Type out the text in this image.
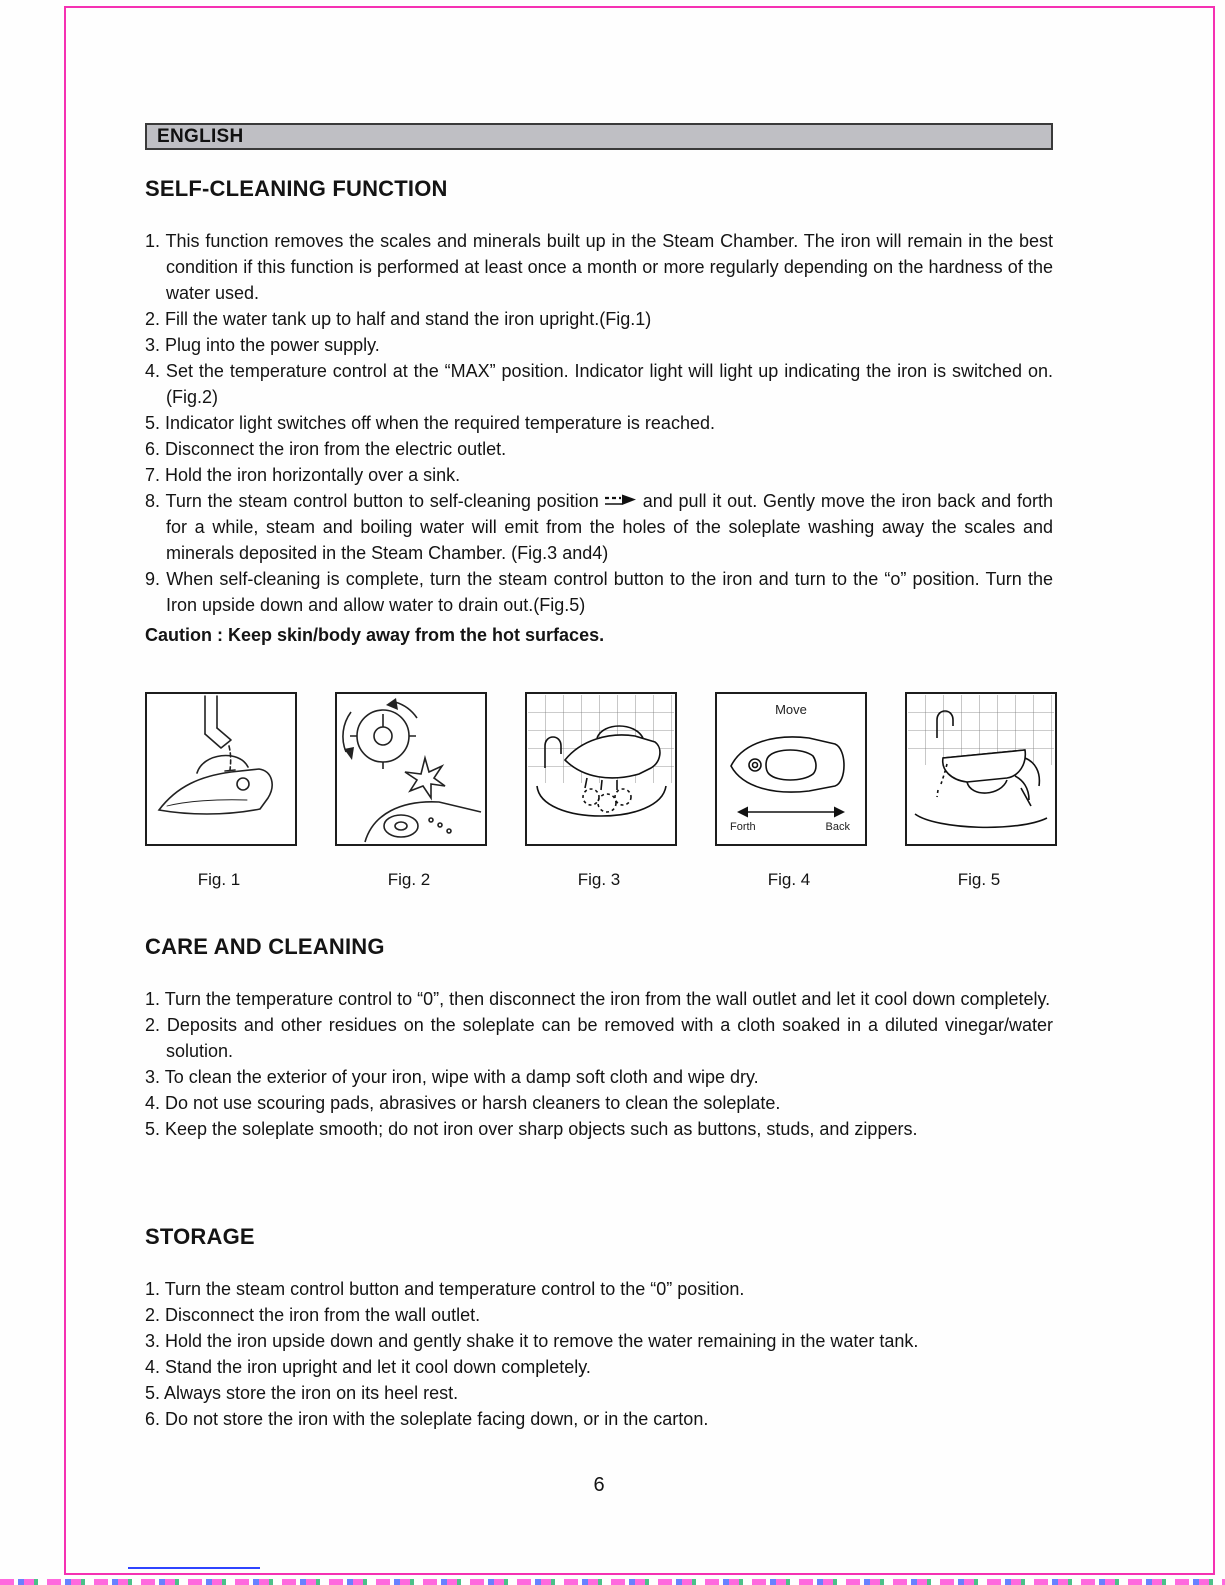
ENGLISH
SELF-CLEANING FUNCTION

1. This function removes the scales and minerals built up in the Steam Chamber. The iron will remain in the best condition if this function is performed at least once a month or more regularly depending on the hardness of the water used.

2. Fill the water tank up to half and stand the iron upright.(Fig.1)

3. Plug into the power supply.

4. Set the temperature control at the “MAX” position. Indicator light will light up indicating the iron is switched on.(Fig.2)

5. Indicator light switches off when the required temperature is reached.

6. Disconnect the iron from the electric outlet.

7. Hold the iron horizontally over a sink.

8. Turn the steam control button to self-cleaning position and pull it out. Gently move the iron back and forth for a while, steam and boiling water will emit from the holes of the soleplate washing away the scales and minerals deposited in the Steam Chamber. (Fig.3 and4)

9. When self-cleaning is complete, turn the steam control button to the iron and turn to the “o” position. Turn the Iron upside down and allow water to drain out.(Fig.5)

Caution : Keep skin/body away from the hot surfaces.

Fig. 1	Fig. 2	Fig. 3
Move
Forth	Back
Fig. 4	Fig. 5
CARE AND CLEANING

1. Turn the temperature control to “0”, then disconnect the iron from the wall outlet and let it cool down completely.

2. Deposits and other residues on the soleplate can be removed with a cloth soaked in a diluted vinegar/water solution.

3. To clean the exterior of your iron, wipe with a damp soft cloth and wipe dry.

4. Do not use scouring pads, abrasives or harsh cleaners to clean the soleplate.

5. Keep the soleplate smooth; do not iron over sharp objects such as buttons, studs, and zippers.

STORAGE

1. Turn the steam control button and temperature control to the “0” position.

2. Disconnect the iron from the wall outlet.

3. Hold the iron upside down and gently shake it to remove the water remaining in the water tank.

4. Stand the iron upright and let it cool down completely.

5. Always store the iron on its heel rest.

6. Do not store the iron with the soleplate facing down, or in the carton.

6
